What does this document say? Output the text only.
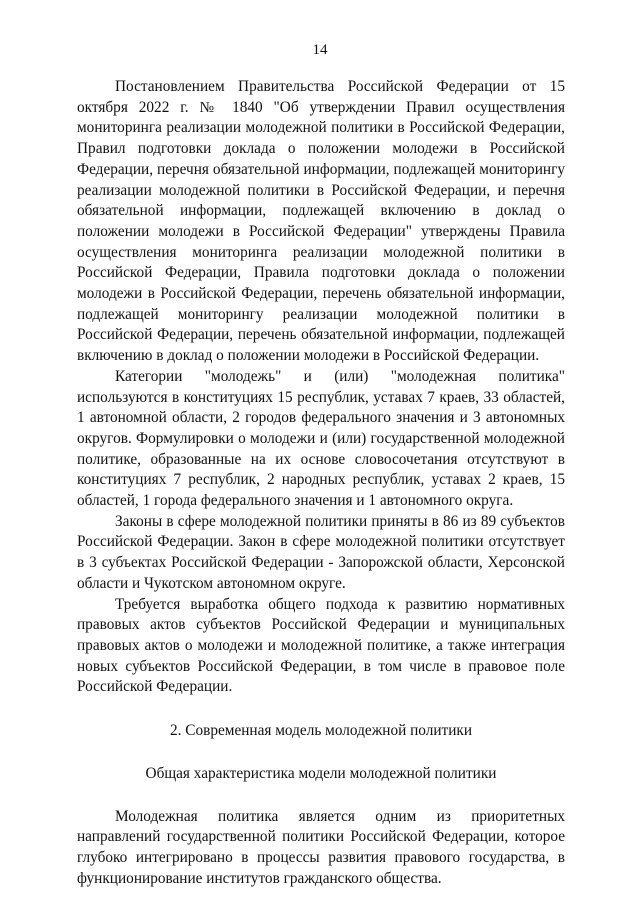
14

Постановлением Правительства Российской Федерации от 15 октября 2022 г. № 1840 "Об утверждении Правил осуществления мониторинга реализации молодежной политики в Российской Федерации, Правил подготовки доклада о положении молодежи в Российской Федерации, перечня обязательной информации, подлежащей мониторингу реализации молодежной политики в Российской Федерации, и перечня обязательной информации, подлежащей включению в доклад о положении молодежи в Российской Федерации" утверждены Правила осуществления мониторинга реализации молодежной политики в Российской Федерации, Правила подготовки доклада о положении молодежи в Российской Федерации, перечень обязательной информации, подлежащей мониторингу реализации молодежной политики в Российской Федерации, перечень обязательной информации, подлежащей включению в доклад о положении молодежи в Российской Федерации.

Категории "молодежь" и (или) "молодежная политика" используются в конституциях 15 республик, уставах 7 краев, 33 областей, 1 автономной области, 2 городов федерального значения и 3 автономных округов. Формулировки о молодежи и (или) государственной молодежной политике, образованные на их основе словосочетания отсутствуют в конституциях 7 республик, 2 народных республик, уставах 2 краев, 15 областей, 1 города федерального значения и 1 автономного округа.

Законы в сфере молодежной политики приняты в 86 из 89 субъектов Российской Федерации. Закон в сфере молодежной политики отсутствует в 3 субъектах Российской Федерации - Запорожской области, Херсонской области и Чукотском автономном округе.

Требуется выработка общего подхода к развитию нормативных правовых актов субъектов Российской Федерации и муниципальных правовых актов о молодежи и молодежной политике, а также интеграция новых субъектов Российской Федерации, в том числе в правовое поле Российской Федерации.

2. Современная модель молодежной политики

Общая характеристика модели молодежной политики

Молодежная политика является одним из приоритетных направлений государственной политики Российской Федерации, которое глубоко интегрировано в процессы развития правового государства, в функционирование институтов гражданского общества.
